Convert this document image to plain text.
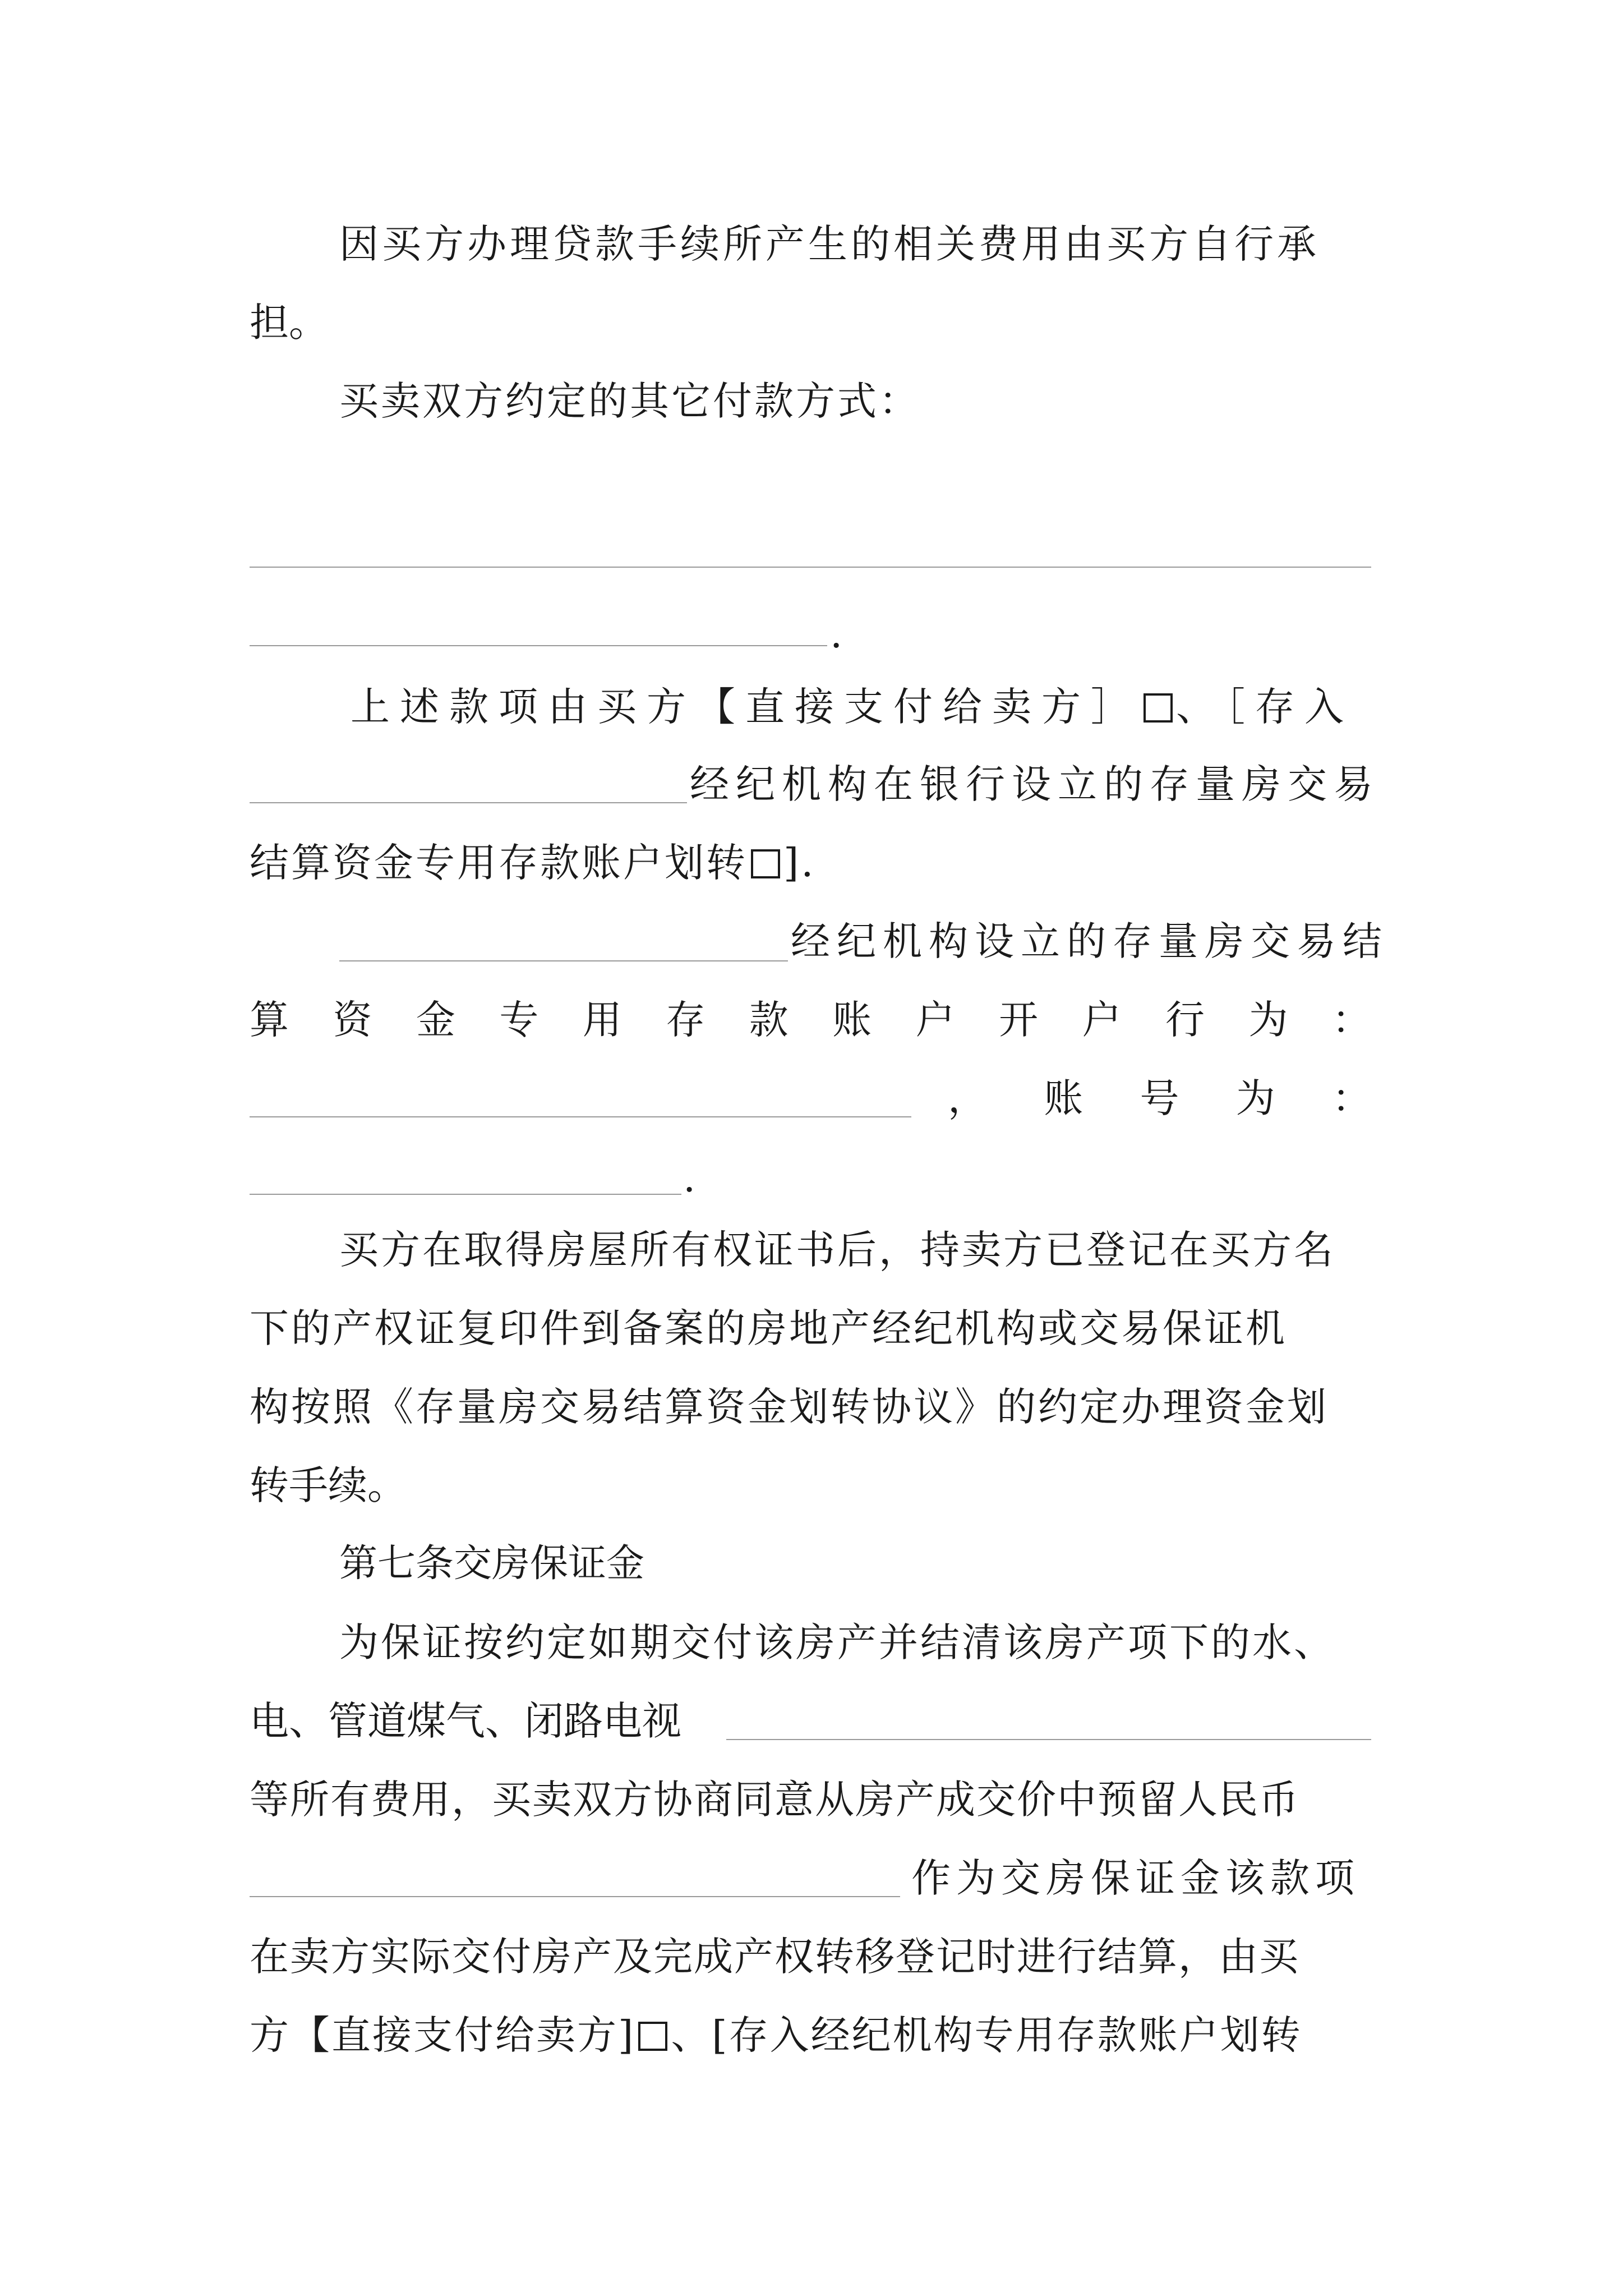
因买方办理贷款手续所产生的相关费用由买方自行承
担。
买卖双方约定的其它付款方式：
.
上述款项由买方【直接支付给卖方］ 、［存入
经纪机构在银行设立的存量房交易
结算资金专用存款账户划转 ].
经纪机构设立的存量房交易结
算 资 金 专 用 存 款 账 户 开 户 行 为 ：
， 账 号 为 ：
.
买方在取得房屋所有权证书后，持卖方已登记在买方名
下的产权证复印件到备案的房地产经纪机构或交易保证机
构按照《存量房交易结算资金划转协议》的约定办理资金划
转手续。
第七条交房保证金
为保证按约定如期交付该房产并结清该房产项下的水、
电、管道煤气、闭路电视
等所有费用，买卖双方协商同意从房产成交价中预留人民币
作为交房保证金该款项
在卖方实际交付房产及完成产权转移登记时进行结算，由买
方【直接支付给卖方] 、[存入经纪机构专用存款账户划转
